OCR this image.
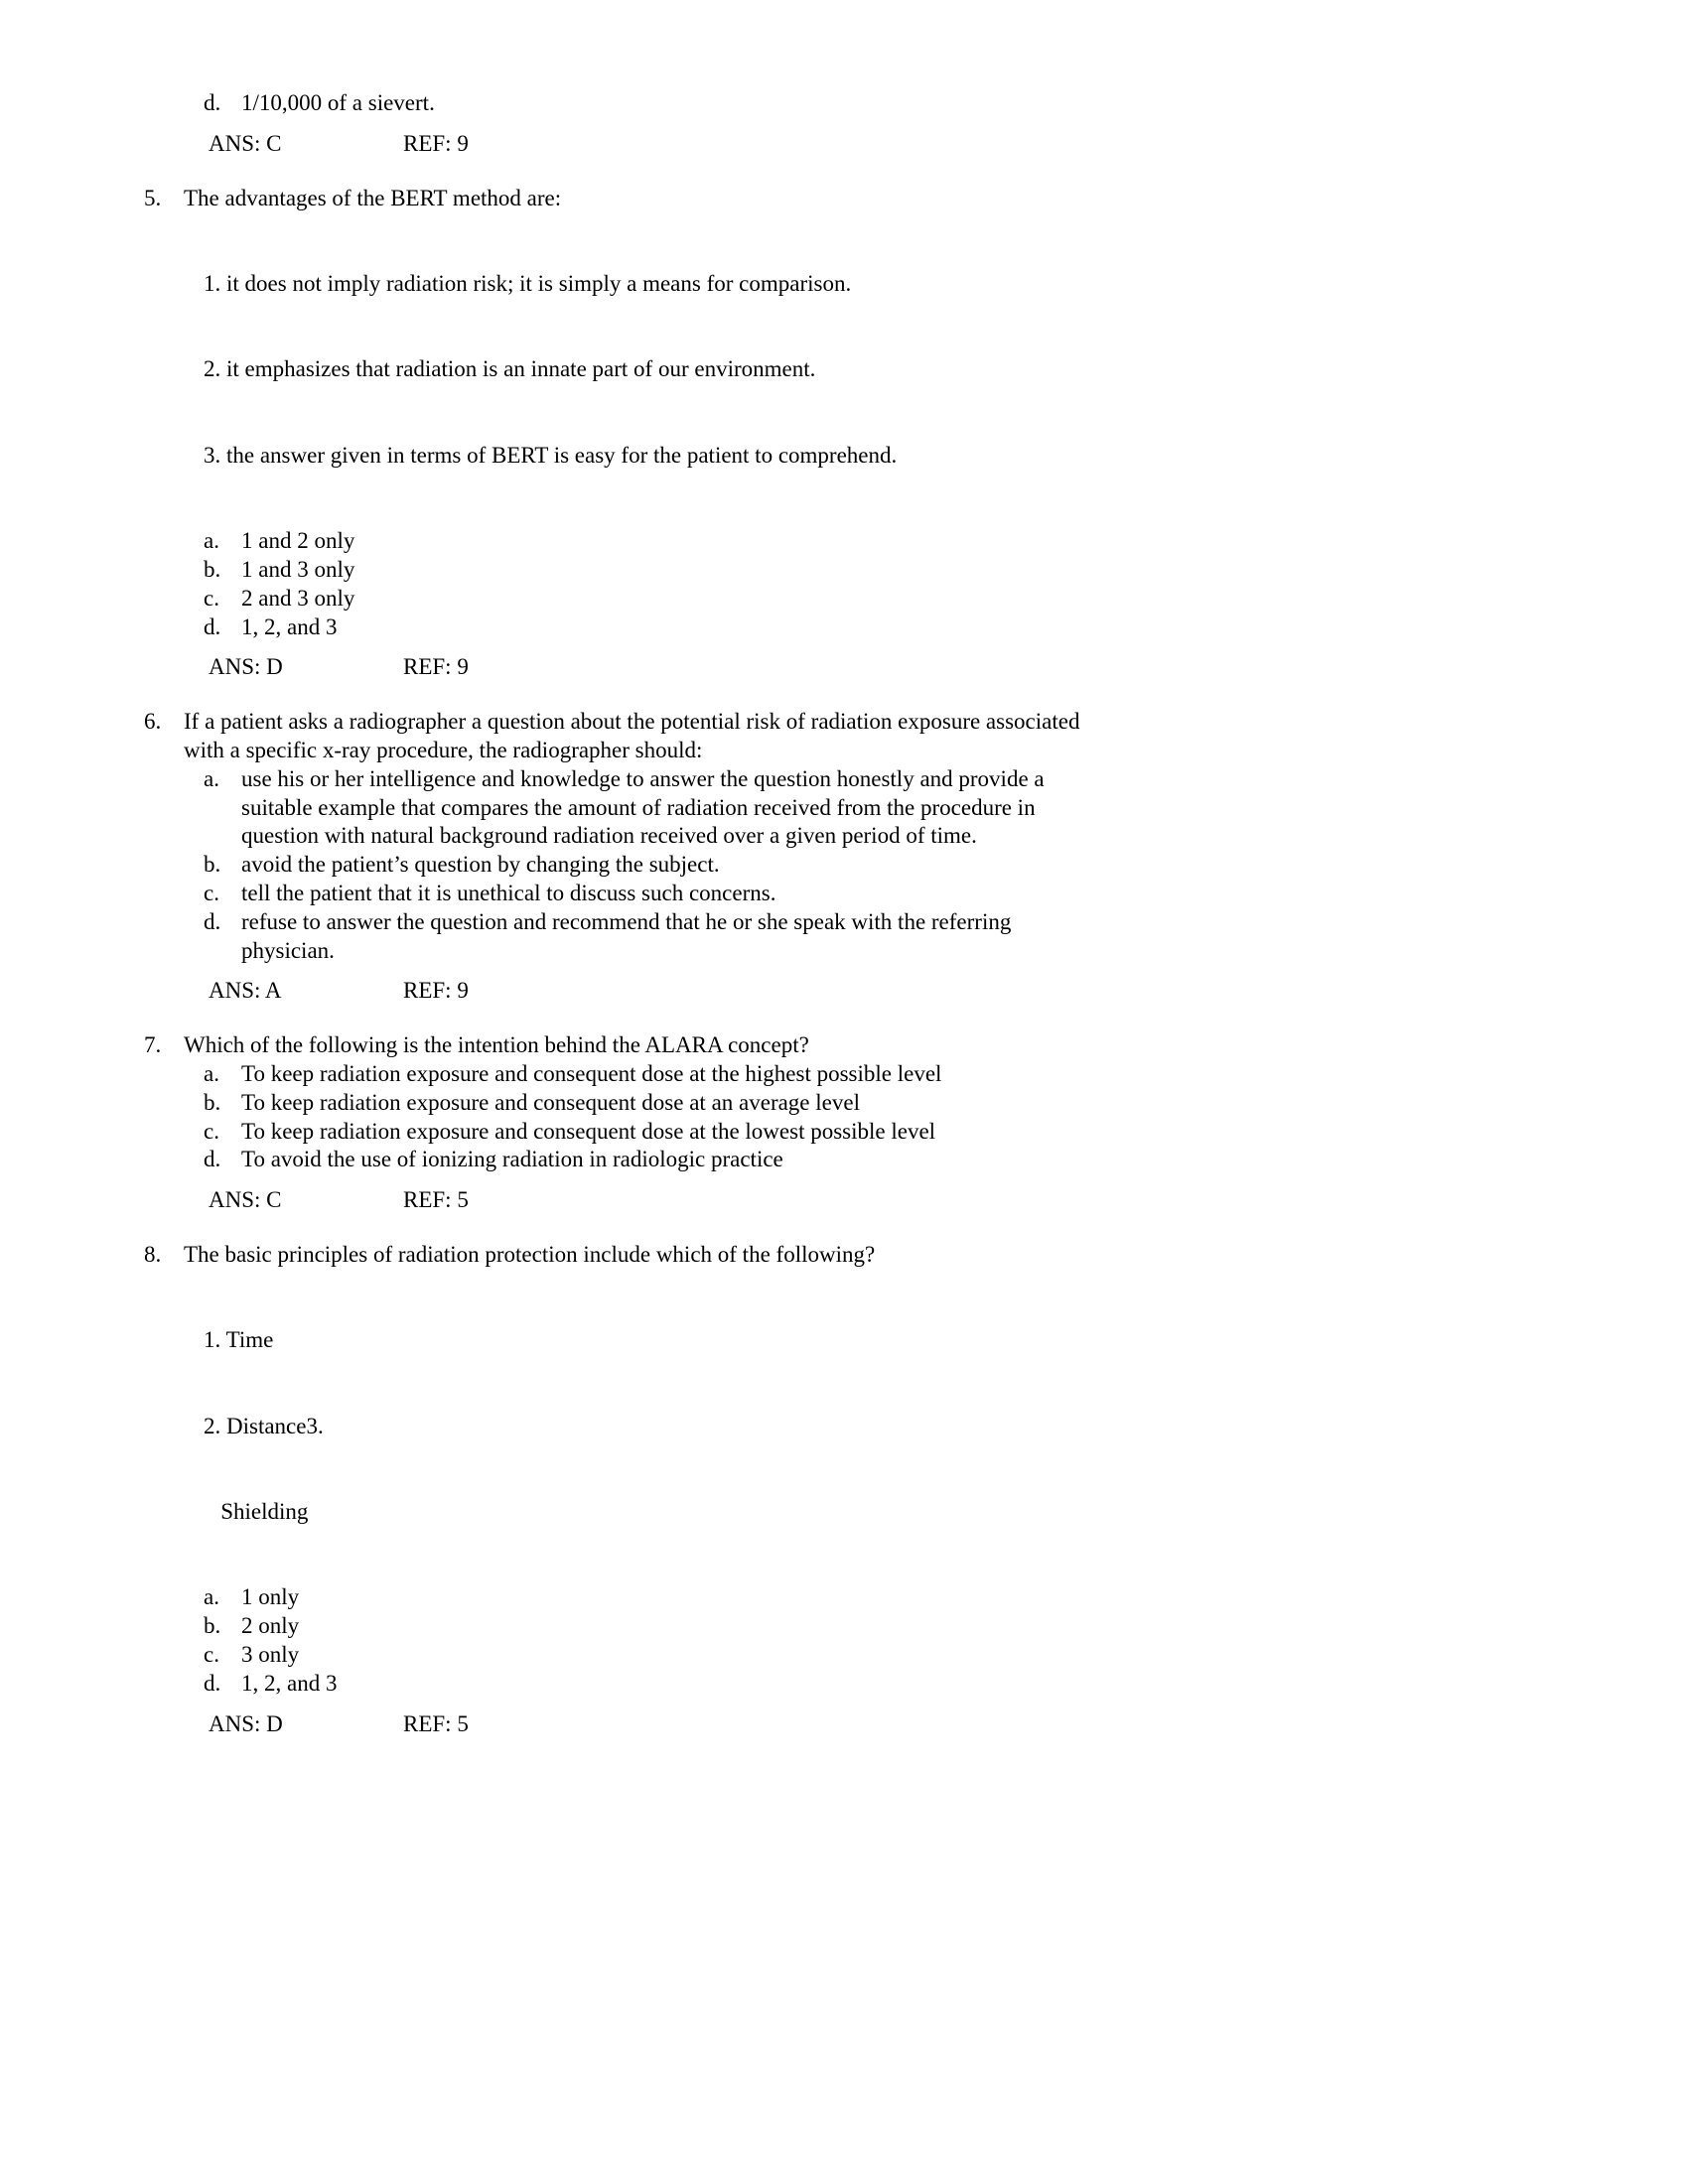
d. 1/10,000 of a sievert.
ANS: C	REF: 9
5. The advantages of the BERT method are:

1. it does not imply radiation risk; it is simply a means for comparison.

2. it emphasizes that radiation is an innate part of our environment.

3. the answer given in terms of BERT is easy for the patient to comprehend.

a. 1 and 2 only
b. 1 and 3 only
c. 2 and 3 only
d. 1, 2, and 3
ANS: D	REF: 9
6. If a patient asks a radiographer a question about the potential risk of radiation exposure associated with a specific x-ray procedure, the radiographer should:
a. use his or her intelligence and knowledge to answer the question honestly and provide a suitable example that compares the amount of radiation received from the procedure in question with natural background radiation received over a given period of time.
b. avoid the patient’s question by changing the subject.
c. tell the patient that it is unethical to discuss such concerns.
d. refuse to answer the question and recommend that he or she speak with the referring physician.
ANS: A	REF: 9
7. Which of the following is the intention behind the ALARA concept?
a. To keep radiation exposure and consequent dose at the highest possible level
b. To keep radiation exposure and consequent dose at an average level
c. To keep radiation exposure and consequent dose at the lowest possible level
d. To avoid the use of ionizing radiation in radiologic practice
ANS: C	REF: 5
8. The basic principles of radiation protection include which of the following?

1. Time

2. Distance3.

Shielding

a. 1 only
b. 2 only
c. 3 only
d. 1, 2, and 3
ANS: D	REF: 5
